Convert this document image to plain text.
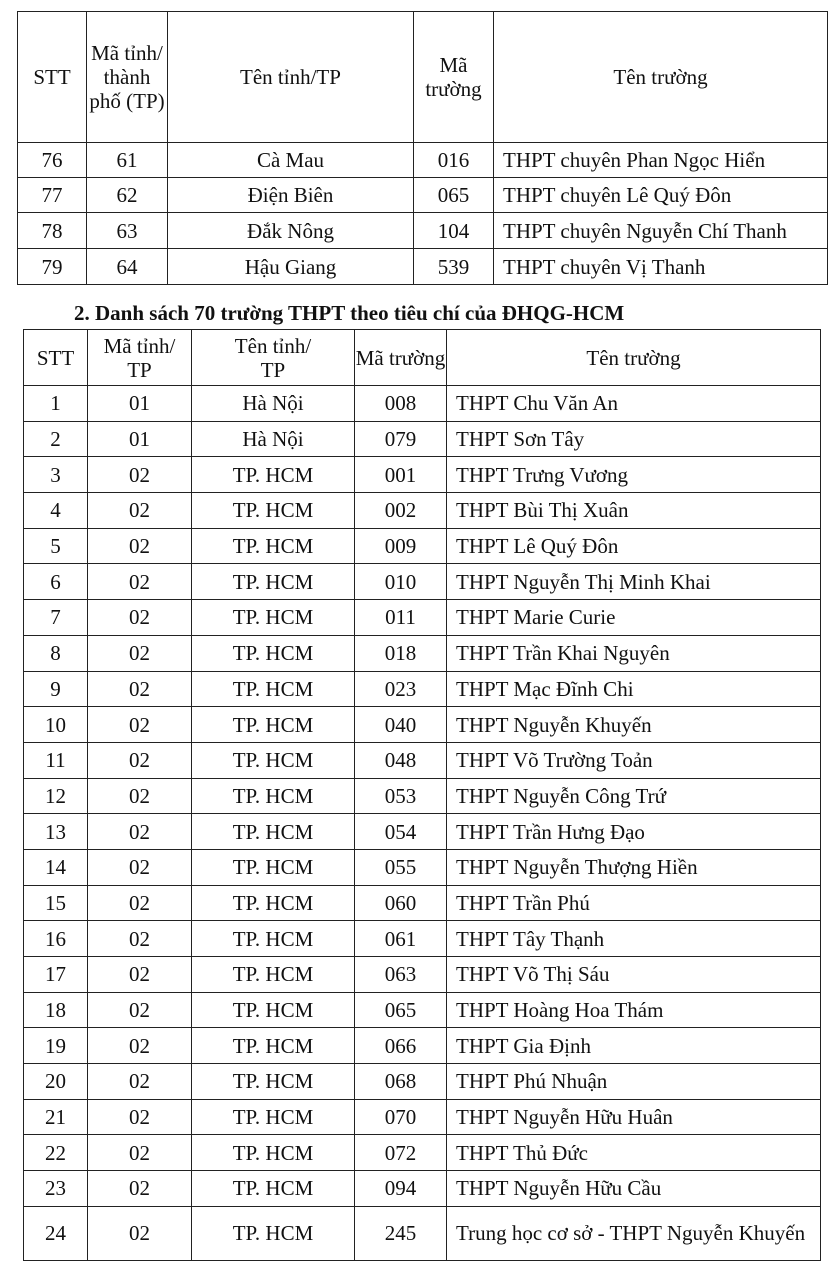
STT	Mã tỉnh/ thành phố (TP)	Tên tỉnh/TP	Mã trường	Tên trường
76	61	Cà Mau	016	THPT chuyên Phan Ngọc Hiển
77	62	Điện Biên	065	THPT chuyên Lê Quý Đôn
78	63	Đắk Nông	104	THPT chuyên Nguyễn Chí Thanh
79	64	Hậu Giang	539	THPT chuyên Vị Thanh
2. Danh sách 70 trường THPT theo tiêu chí của ĐHQG-HCM
STT	Mã tỉnh/ TP	Tên tỉnh/ TP	Mã trường	Tên trường
1	01	Hà Nội	008	THPT Chu Văn An
2	01	Hà Nội	079	THPT Sơn Tây
3	02	TP. HCM	001	THPT Trưng Vương
4	02	TP. HCM	002	THPT Bùi Thị Xuân
5	02	TP. HCM	009	THPT Lê Quý Đôn
6	02	TP. HCM	010	THPT Nguyễn Thị Minh Khai
7	02	TP. HCM	011	THPT Marie Curie
8	02	TP. HCM	018	THPT Trần Khai Nguyên
9	02	TP. HCM	023	THPT Mạc Đĩnh Chi
10	02	TP. HCM	040	THPT Nguyễn Khuyến
11	02	TP. HCM	048	THPT Võ Trường Toản
12	02	TP. HCM	053	THPT Nguyễn Công Trứ
13	02	TP. HCM	054	THPT Trần Hưng Đạo
14	02	TP. HCM	055	THPT Nguyễn Thượng Hiền
15	02	TP. HCM	060	THPT Trần Phú
16	02	TP. HCM	061	THPT Tây Thạnh
17	02	TP. HCM	063	THPT Võ Thị Sáu
18	02	TP. HCM	065	THPT Hoàng Hoa Thám
19	02	TP. HCM	066	THPT Gia Định
20	02	TP. HCM	068	THPT Phú Nhuận
21	02	TP. HCM	070	THPT Nguyễn Hữu Huân
22	02	TP. HCM	072	THPT Thủ Đức
23	02	TP. HCM	094	THPT Nguyễn Hữu Cầu
24	02	TP. HCM	245	Trung học cơ sở - THPT Nguyễn Khuyến
